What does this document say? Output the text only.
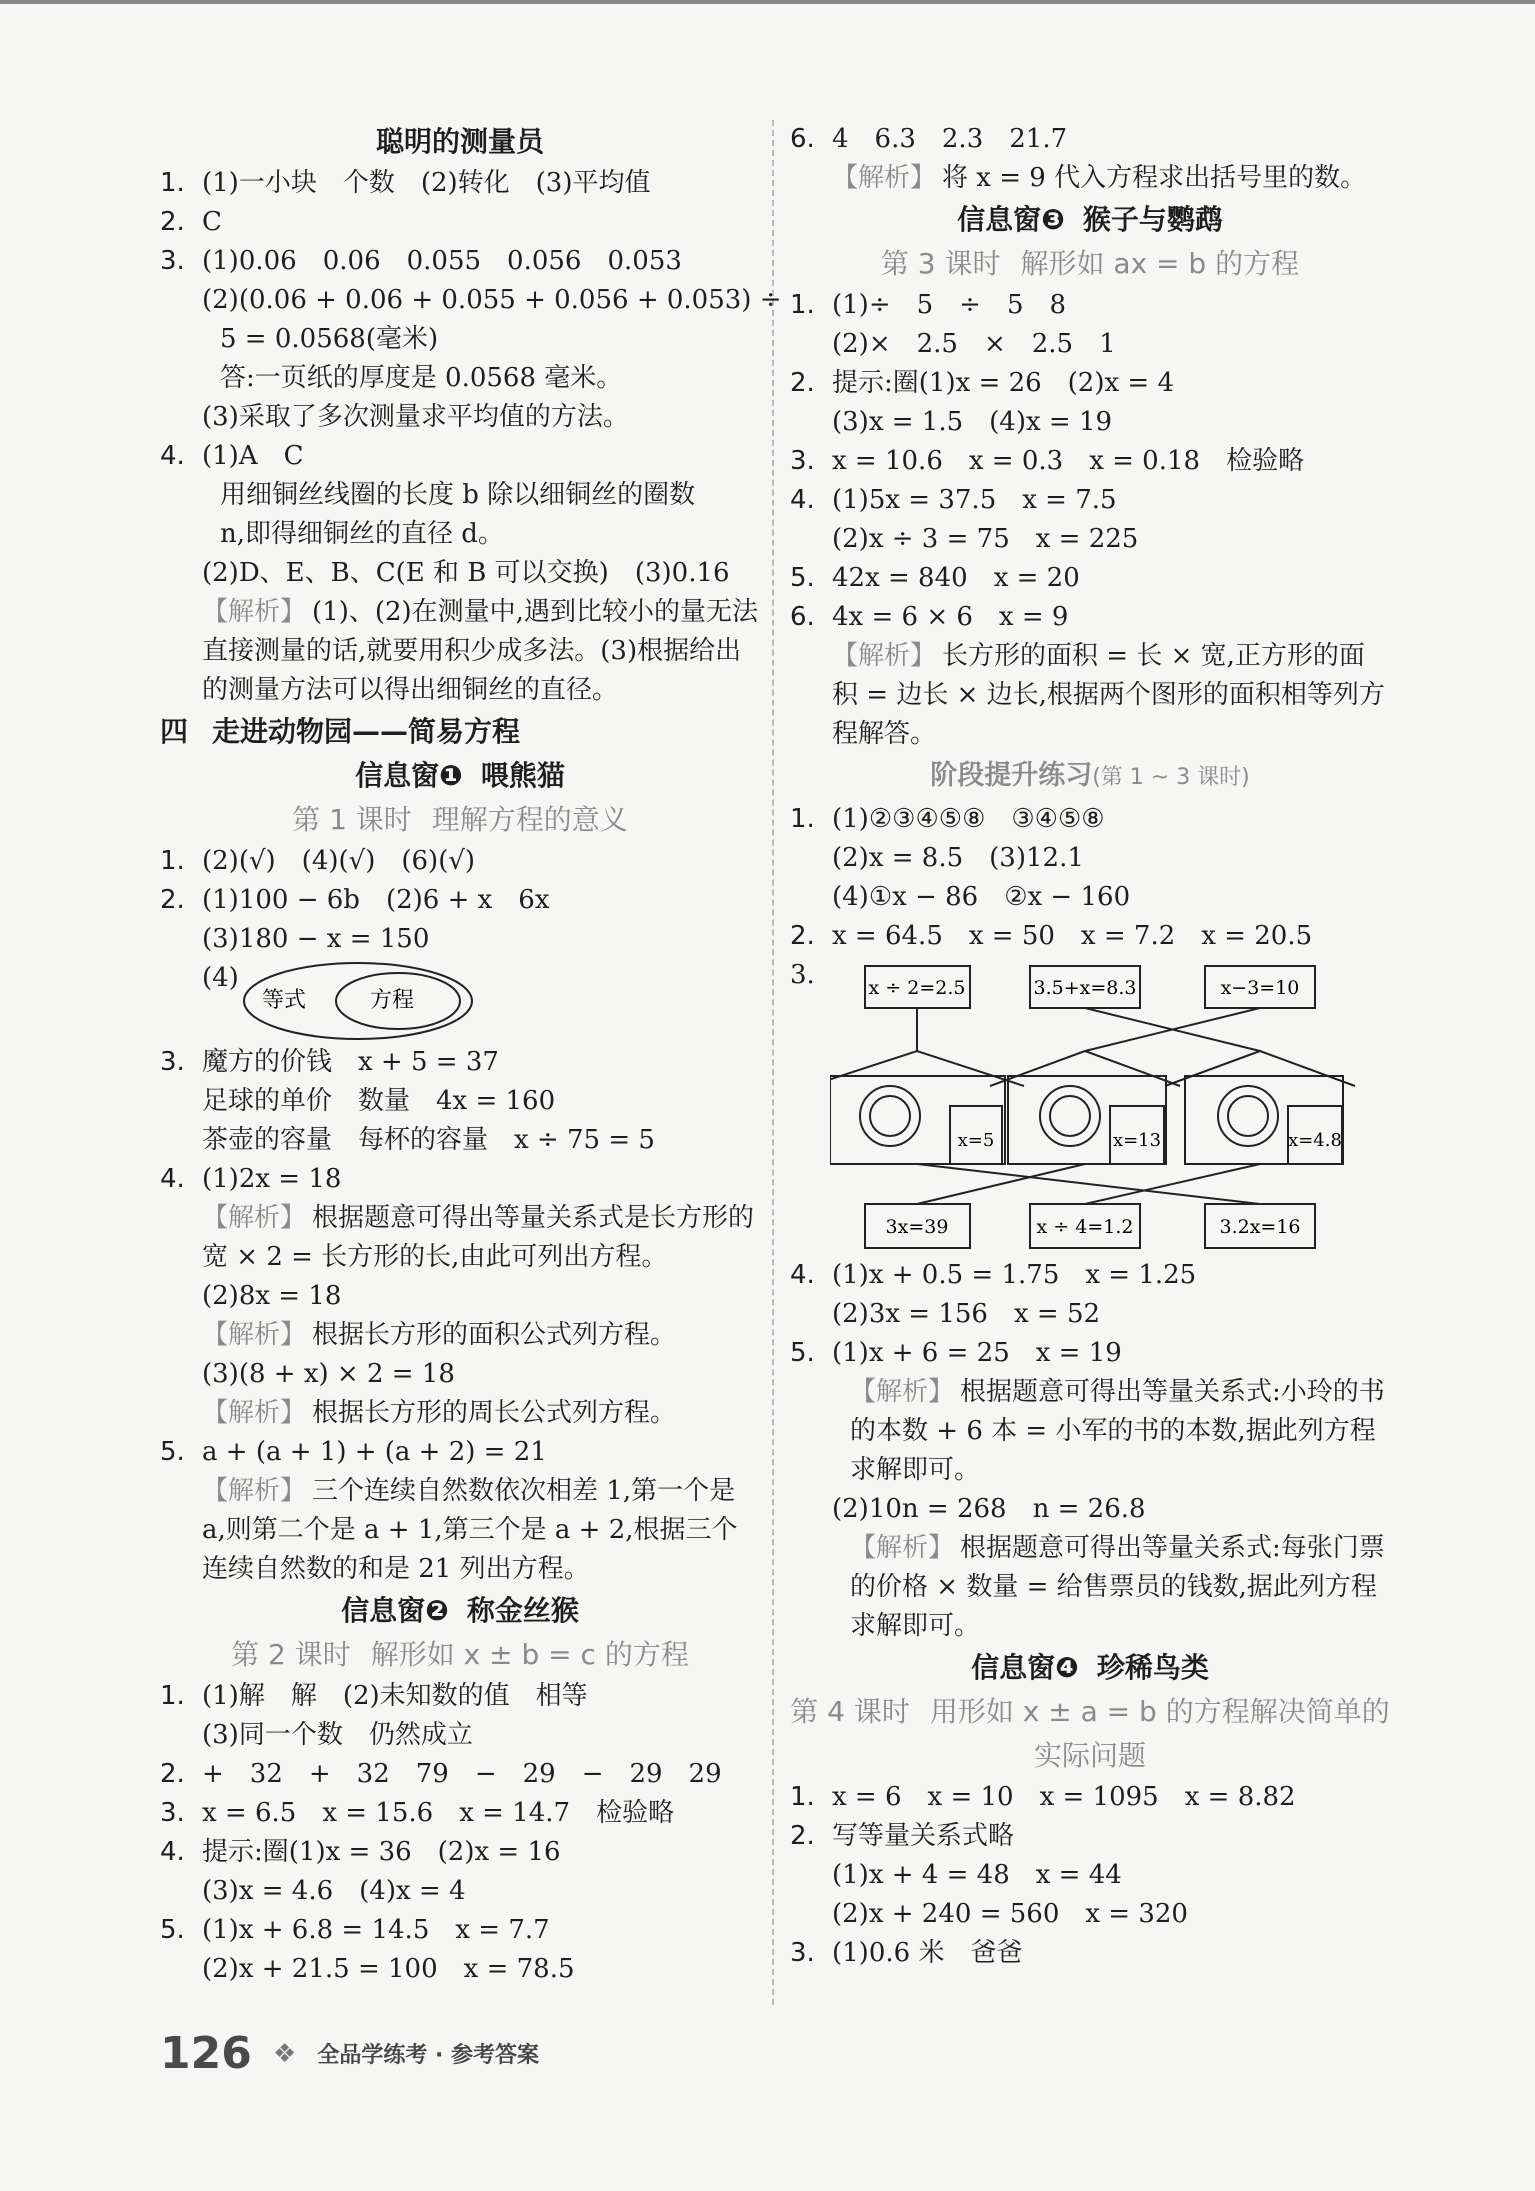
聪明的测量员
1. (1)一小块　个数　(2)转化　(3)平均值
2. C
3. (1)0.06　0.06　0.055　0.056　0.053
(2)(0.06 + 0.06 + 0.055 + 0.056 + 0.053) ÷
5 = 0.0568(毫米)
答:一页纸的厚度是 0.0568 毫米。
(3)采取了多次测量求平均值的方法。
4. (1)A　C
用细铜丝线圈的长度 b 除以细铜丝的圈数
n,即得细铜丝的直径 d。
(2)D、E、B、C(E 和 B 可以交换)　(3)0.16
【解析】 (1)、(2)在测量中,遇到比较小的量无法直接测量的话,就要用积少成多法。(3)根据给出的测量方法可以得出细铜丝的直径。
四 走进动物园——简易方程
信息窗❶ 喂熊猫
第 1 课时 理解方程的意义
1. (2)(√)　(4)(√)　(6)(√)
2. (1)100 − 6b　(2)6 + x　6x
(3)180 − x = 150
(4)
等式	方程
3. 魔方的价钱　x + 5 = 37
足球的单价　数量　4x = 160
茶壶的容量　每杯的容量　x ÷ 75 = 5
4. (1)2x = 18
【解析】 根据题意可得出等量关系式是长方形的宽 × 2 = 长方形的长,由此可列出方程。
(2)8x = 18
【解析】 根据长方形的面积公式列方程。
(3)(8 + x) × 2 = 18
【解析】 根据长方形的周长公式列方程。
5. a + (a + 1) + (a + 2) = 21
【解析】 三个连续自然数依次相差 1,第一个是 a,则第二个是 a + 1,第三个是 a + 2,根据三个连续自然数的和是 21 列出方程。
信息窗❷ 称金丝猴
第 2 课时 解形如 x ± b = c 的方程
1. (1)解　解　(2)未知数的值　相等
(3)同一个数　仍然成立
2. +　32　+　32　79　−　29　−　29　29
3. x = 6.5　x = 15.6　x = 14.7　检验略
4. 提示:圈(1)x = 36　(2)x = 16
(3)x = 4.6　(4)x = 4
5. (1)x + 6.8 = 14.5　x = 7.7
(2)x + 21.5 = 100　x = 78.5
6. 4　6.3　2.3　21.7
【解析】 将 x = 9 代入方程求出括号里的数。
信息窗❸ 猴子与鹦鹉
第 3 课时 解形如 ax = b 的方程
1. (1)÷　5　÷　5　8
(2)×　2.5　×　2.5　1
2. 提示:圈(1)x = 26　(2)x = 4
(3)x = 1.5　(4)x = 19
3. x = 10.6　x = 0.3　x = 0.18　检验略
4. (1)5x = 37.5　x = 7.5
(2)x ÷ 3 = 75　x = 225
5. 42x = 840　x = 20
6. 4x = 6 × 6　x = 9
【解析】 长方形的面积 = 长 × 宽,正方形的面积 = 边长 × 边长,根据两个图形的面积相等列方程解答。
阶段提升练习(第 1 ~ 3 课时)
1. (1)②③④⑤⑧　③④⑤⑧
(2)x = 8.5　(3)12.1
(4)①x − 86　②x − 160
2. x = 64.5　x = 50　x = 7.2　x = 20.5
3.	x ÷ 2=2.5	3.5+x=8.3	x−3=10
x=5	x=13	x=4.8
3x=39	x ÷ 4=1.2	3.2x=16
4. (1)x + 0.5 = 1.75　x = 1.25
(2)3x = 156　x = 52
5. (1)x + 6 = 25　x = 19
【解析】 根据题意可得出等量关系式:小玲的书的本数 + 6 本 = 小军的书的本数,据此列方程求解即可。
(2)10n = 268　n = 26.8
【解析】 根据题意可得出等量关系式:每张门票的价格 × 数量 = 给售票员的钱数,据此列方程求解即可。
信息窗❹ 珍稀鸟类
第 4 课时 用形如 x ± a = b 的方程解决简单的
实际问题
1. x = 6　x = 10　x = 1095　x = 8.82
2. 写等量关系式略
(1)x + 4 = 48　x = 44
(2)x + 240 = 560　x = 320
3. (1)0.6 米　爸爸
126 ❖ 全品学练考 · 参考答案
